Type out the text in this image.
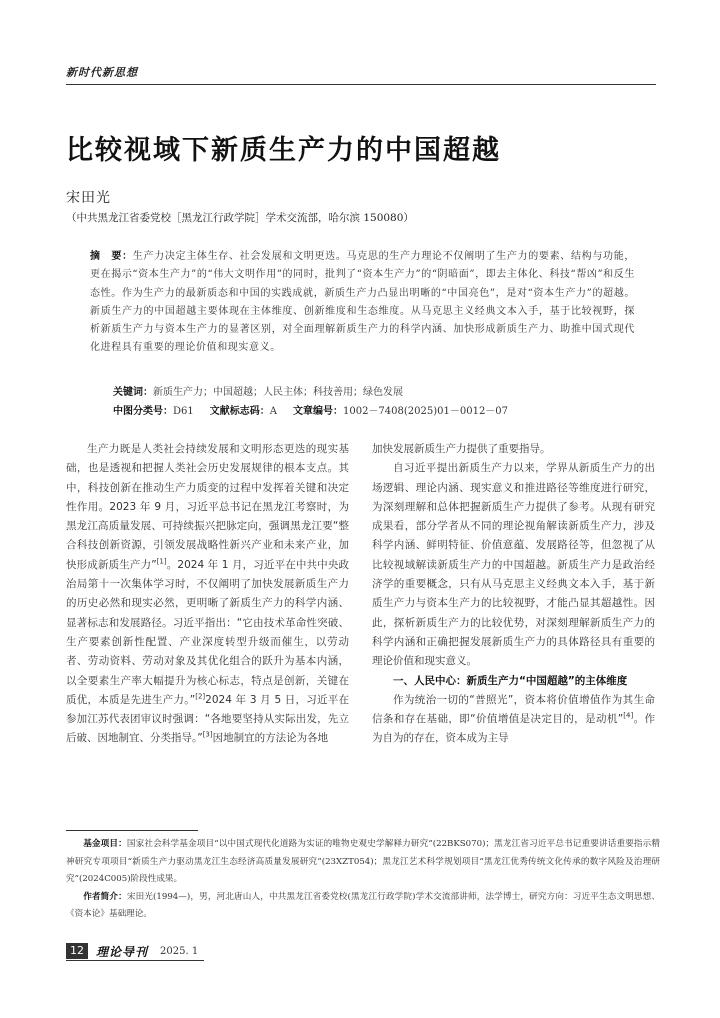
新时代新思想
比较视域下新质生产力的中国超越
宋田光
（中共黑龙江省委党校［黑龙江行政学院］学术交流部，哈尔滨 150080）
摘　要：生产力决定主体生存、社会发展和文明更迭。马克思的生产力理论不仅阐明了生产力的要素、结构与功能，更在揭示“资本生产力”的“伟大文明作用”的同时，批判了“资本生产力”的“阴暗面”，即去主体化、科技“帮凶”和反生态性。作为生产力的最新质态和中国的实践成就，新质生产力凸显出明晰的“中国亮色”，是对“资本生产力”的超越。新质生产力的中国超越主要体现在主体维度、创新维度和生态维度。从马克思主义经典文本入手，基于比较视野，探析新质生产力与资本生产力的显著区别，对全面理解新质生产力的科学内涵、加快形成新质生产力、助推中国式现代化进程具有重要的理论价值和现实意义。
关键词：新质生产力；中国超越；人民主体；科技善用；绿色发展
中图分类号：D61 文献标志码：A 文章编号：1002－7408(2025)01－0012－07

生产力既是人类社会持续发展和文明形态更迭的现实基础，也是透视和把握人类社会历史发展规律的根本支点。其中，科技创新在推动生产力质变的过程中发挥着关键和决定性作用。2023 年 9 月，习近平总书记在黑龙江考察时，为黑龙江高质量发展、可持续振兴把脉定向，强调黑龙江要“整合科技创新资源，引领发展战略性新兴产业和未来产业，加快形成新质生产力”[1]。2024 年 1 月，习近平在中共中央政治局第十一次集体学习时，不仅阐明了加快发展新质生产力的历史必然和现实必然，更明晰了新质生产力的科学内涵、显著标志和发展路径。习近平指出：“它由技术革命性突破、生产要素创新性配置、产业深度转型升级而催生，以劳动者、劳动资料、劳动对象及其优化组合的跃升为基本内涵，以全要素生产率大幅提升为核心标志，特点是创新，关键在质优，本质是先进生产力。”[2]2024 年 3 月 5 日，习近平在参加江苏代表团审议时强调：“各地要坚持从实际出发，先立后破、因地制宜、分类指导。”[3]因地制宜的方法论为各地

加快发展新质生产力提供了重要指导。

自习近平提出新质生产力以来，学界从新质生产力的出场逻辑、理论内涵、现实意义和推进路径等维度进行研究，为深刻理解和总体把握新质生产力提供了参考。从现有研究成果看，部分学者从不同的理论视角解读新质生产力，涉及科学内涵、鲜明特征、价值意蕴、发展路径等，但忽视了从比较视域解读新质生产力的中国超越。新质生产力是政治经济学的重要概念，只有从马克思主义经典文本入手，基于新质生产力与资本生产力的比较视野，才能凸显其超越性。因此，探析新质生产力的比较优势，对深刻理解新质生产力的科学内涵和正确把握发展新质生产力的具体路径具有重要的理论价值和现实意义。

一、人民中心：新质生产力“中国超越”的主体维度

作为统治一切的“普照光”，资本将价值增值作为其生命信条和存在基础，即“价值增值是决定目的，是动机”[4]。作为自为的存在，资本成为主导

基金项目：国家社会科学基金项目“以中国式现代化道路为实证的唯物史观史学解释力研究”(22BKS070)；黑龙江省习近平总书记重要讲话重要指示精神研究专项项目“新质生产力驱动黑龙江生态经济高质量发展研究”(23XZT054)；黑龙江艺术科学规划项目“黑龙江优秀传统文化传承的数字风险及治理研究”(2024C005)阶段性成果。

作者简介：宋田光(1994—)，男，河北唐山人，中共黑龙江省委党校(黑龙江行政学院)学术交流部讲师，法学博士，研究方向：习近平生态文明思想、《资本论》基础理论。

12	理论导刊 2025. 1
